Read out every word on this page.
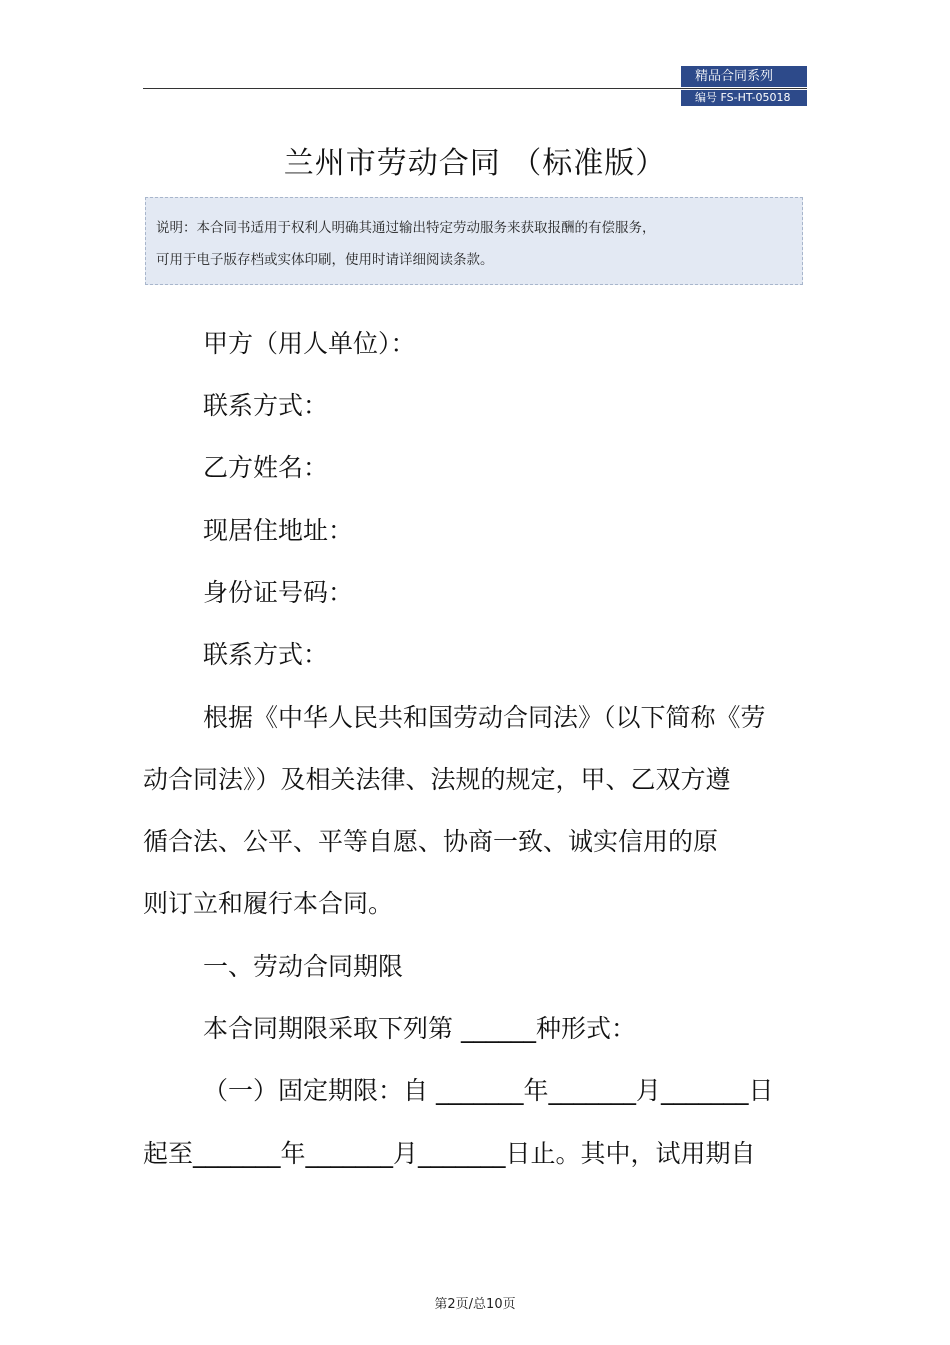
精品合同系列
编号 FS-HT-05018
兰州市劳动合同 （标准版）
说明：本合同书适用于权利人明确其通过输出特定劳动服务来获取报酬的有偿服务，
可用于电子版存档或实体印刷，使用时请详细阅读条款。
甲方（用人单位）：
联系方式：
乙方姓名：
现居住地址：
身份证号码：
联系方式：
根据《中华人民共和国劳动合同法》（以下简称《劳
动合同法》）及相关法律、法规的规定，甲、乙双方遵
循合法、公平、平等自愿、协商一致、诚实信用的原
则订立和履行本合同。
一、劳动合同期限
本合同期限采取下列第 ______种形式：
（一）固定期限：自 _______年_______月_______日
起至_______年_______月_______日止。其中，试用期自
第2页/总10页
